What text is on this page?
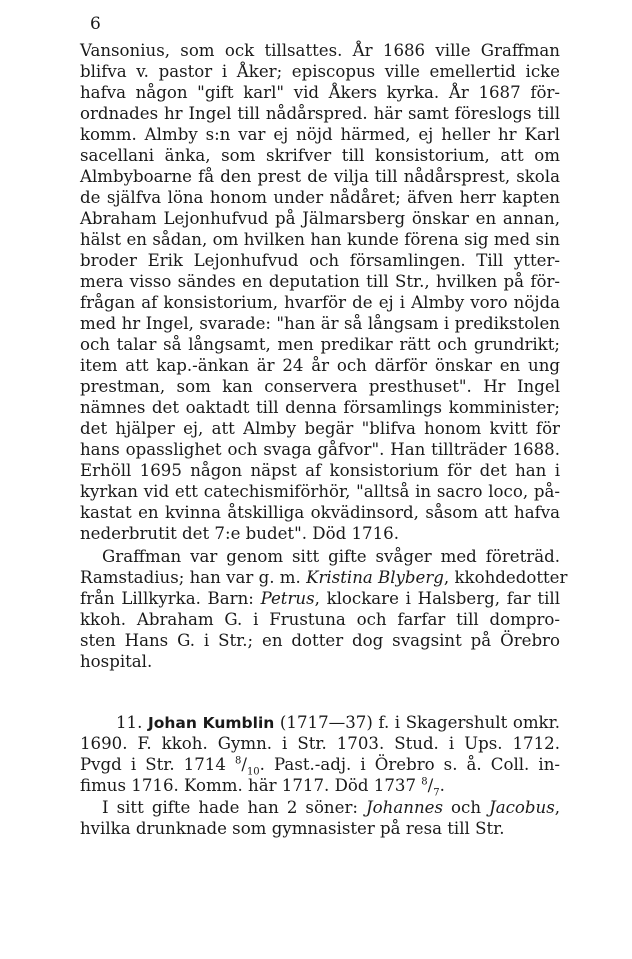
6
Vansonius, som ock tillsattes. År 1686 ville Graffman
blifva v. pastor i Åker; episcopus ville emellertid icke
hafva någon "gift karl" vid Åkers kyrka. År 1687 för-
ordnades hr Ingel till nådårspred. här samt föreslogs till
komm. Almby s:n var ej nöjd härmed, ej heller hr Karl
sacellani änka, som skrifver till konsistorium, att om
Almbyboarne få den prest de vilja till nådårsprest, skola
de själfva löna honom under nådåret; äfven herr kapten
Abraham Lejonhufvud på Jälmarsberg önskar en annan,
hälst en sådan, om hvilken han kunde förena sig med sin
broder Erik Lejonhufvud och församlingen. Till ytter-
mera visso sändes en deputation till Str., hvilken på för-
frågan af konsistorium, hvarför de ej i Almby voro nöjda
med hr Ingel, svarade: "han är så långsam i predikstolen
och talar så långsamt, men predikar rätt och grundrikt;
item att kap.-änkan är 24 år och därför önskar en ung
prestman, som kan conservera presthuset". Hr Ingel
nämnes det oaktadt till denna församlings komminister;
det hjälper ej, att Almby begär "blifva honom kvitt för
hans opasslighet och svaga gåfvor". Han tillträder 1688.
Erhöll 1695 någon näpst af konsistorium för det han i
kyrkan vid ett catechismiförhör, "alltså in sacro loco, på-
kastat en kvinna åtskilliga okvädinsord, såsom att hafva
nederbrutit det 7:e budet". Död 1716.
Graffman var genom sitt gifte svåger med företräd.
Ramstadius; han var g. m. Kristina Blyberg, kkohdedotter
från Lillkyrka. Barn: Petrus, klockare i Halsberg, far till
kkoh. Abraham G. i Frustuna och farfar till dompro-
sten Hans G. i Str.; en dotter dog svagsint på Örebro
hospital.
11. Johan Kumblin (1717—37) f. i Skagershult omkr.
1690. F. kkoh. Gymn. i Str. 1703. Stud. i Ups. 1712.
Pvgd i Str. 1714 $^8/_{10}$. Past.-adj. i Örebro s. å. Coll. in-
fimus 1716. Komm. här 1717. Död 1737 $^8/_7$.
I sitt gifte hade han 2 söner: Johannes och Jacobus,
hvilka drunknade som gymnasister på resa till Str.
